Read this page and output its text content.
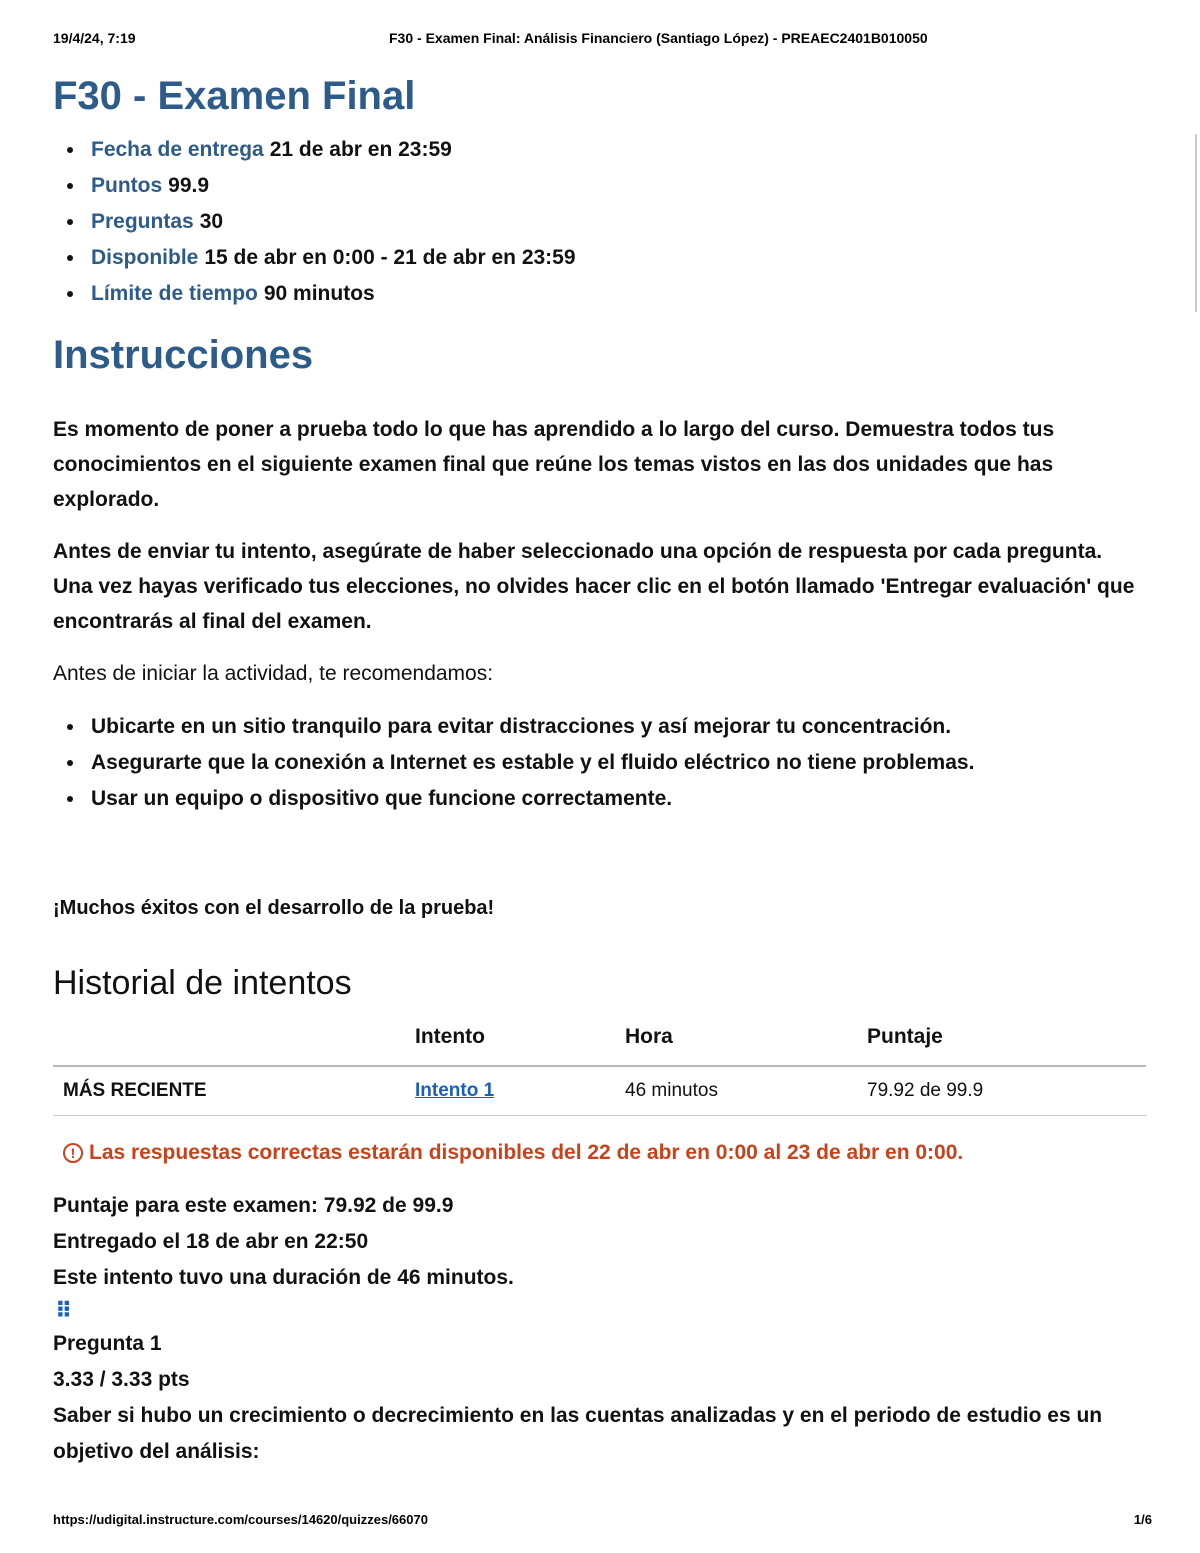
19/4/24, 7:19	F30 - Examen Final: Análisis Financiero (Santiago López) - PREAEC2401B010050
F30 - Examen Final
Fecha de entrega 21 de abr en 23:59
Puntos 99.9
Preguntas 30
Disponible 15 de abr en 0:00 - 21 de abr en 23:59
Límite de tiempo 90 minutos
Instrucciones

Es momento de poner a prueba todo lo que has aprendido a lo largo del curso. Demuestra todos tus conocimientos en el siguiente examen final que reúne los temas vistos en las dos unidades que has explorado.

Antes de enviar tu intento, asegúrate de haber seleccionado una opción de respuesta por cada pregunta. Una vez hayas verificado tus elecciones, no olvides hacer clic en el botón llamado 'Entregar evaluación' que encontrarás al final del examen.

Antes de iniciar la actividad, te recomendamos:

Ubicarte en un sitio tranquilo para evitar distracciones y así mejorar tu concentración.
Asegurarte que la conexión a Internet es estable y el fluido eléctrico no tiene problemas.
Usar un equipo o dispositivo que funcione correctamente.

¡Muchos éxitos con el desarrollo de la prueba!

Historial de intentos
	Intento	Hora	Puntaje
MÁS RECIENTE	Intento 1	46 minutos	79.92 de 99.9
! Las respuestas correctas estarán disponibles del 22 de abr en 0:00 al 23 de abr en 0:00.
Puntaje para este examen: 79.92 de 99.9
Entregado el 18 de abr en 22:50
Este intento tuvo una duración de 46 minutos.
⠿
Pregunta 1
3.33 / 3.33 pts
Saber si hubo un crecimiento o decrecimiento en las cuentas analizadas y en el periodo de estudio es un objetivo del análisis:
https://udigital.instructure.com/courses/14620/quizzes/66070	1/6
